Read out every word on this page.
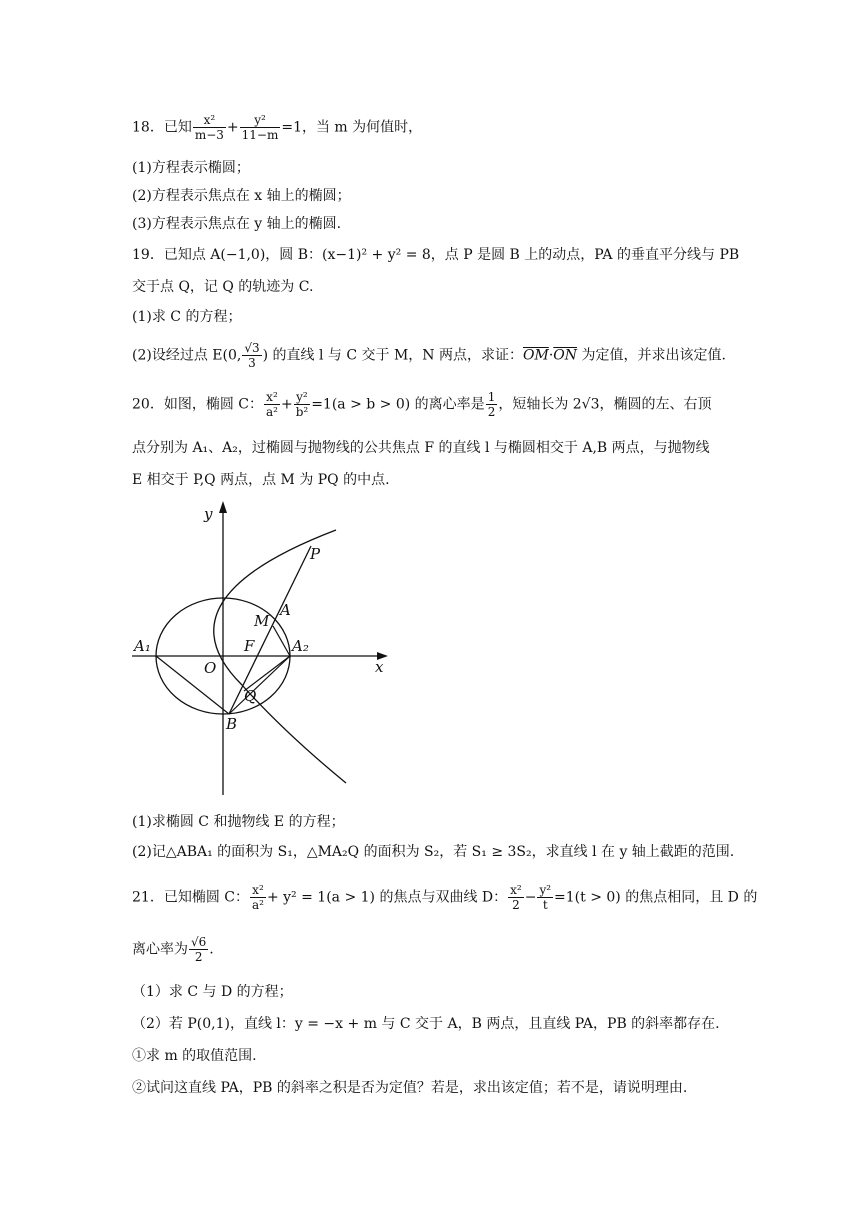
18．已知 $\frac{\text{x²}}{m-3} + \frac{\text{y²}}{11-m} =1$，当 m 为何值时，
(1)方程表示椭圆；
(2)方程表示焦点在 x 轴上的椭圆；
(3)方程表示焦点在 y 轴上的椭圆.
19．已知点 A(−1,0)，圆 B：(x−1)² + y² = 8，点 P 是圆 B 上的动点，PA 的垂直平分线与 PB
交于点 Q，记 Q 的轨迹为 C.
(1)求 C 的方程；
(2)设经过点 E(0, $\frac{√3}{3}$ ) 的直线 l 与 C 交于 M，N 两点，求证：$\overline{OM}\cdot\overline{ON}$ 为定值，并求出该定值.
20．如图，椭圆 C： $\frac{\text{x²}}{\text{a²}} + \frac{\text{y²}}{\text{b²}} =1(a > b > 0)$ 的离心率是 $\frac{1}{2}$ ，短轴长为 2√3，椭圆的左、右顶
点分别为 A₁、A₂，过椭圆与抛物线的公共焦点 F 的直线 l 与椭圆相交于 A,B 两点，与抛物线
E 相交于 P,Q 两点，点 M 为 PQ 的中点.
y
x
P
A
M
F
A₁	A₂
O
Q
B
(1)求椭圆 C 和抛物线 E 的方程；
(2)记△ABA₁ 的面积为 S₁，△MA₂Q 的面积为 S₂，若 S₁ ≥ 3S₂，求直线 l 在 y 轴上截距的范围.
21．已知椭圆 C： $\frac{\text{x²}}{\text{a²}} + y^2 = 1(a > 1)$ 的焦点与双曲线 D： $\frac{\text{x²}}{2} - \frac{\text{y²}}{t} =1(t > 0)$ 的焦点相同，且 D 的
离心率为 $\frac{√6}{2}$ .
（1）求 C 与 D 的方程；
（2）若 P(0,1)，直线 l：y = −x + m 与 C 交于 A，B 两点，且直线 PA，PB 的斜率都存在.
①求 m 的取值范围.
②试问这直线 PA，PB 的斜率之积是否为定值？若是，求出该定值；若不是，请说明理由.
